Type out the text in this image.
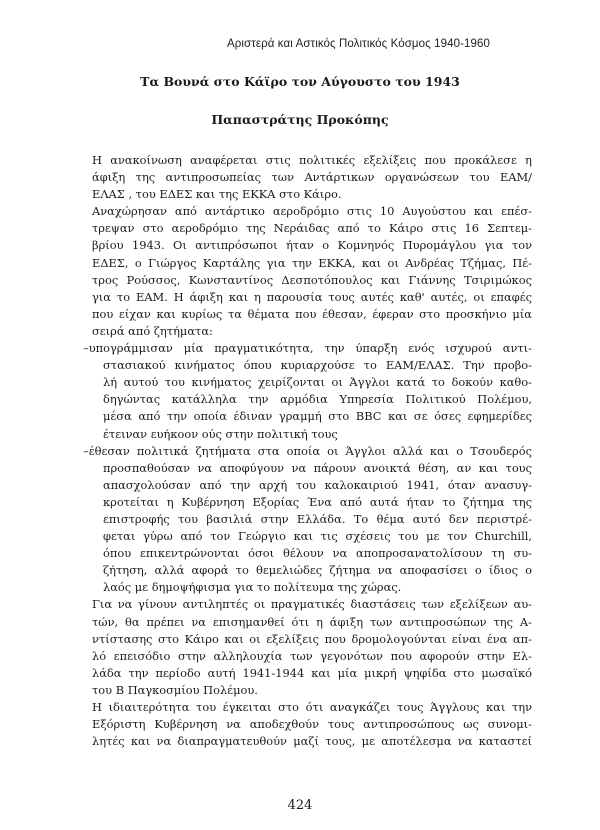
Αριστερά και Αστικός Πολιτικός Κόσμος 1940-1960
Τα Βουνά στο Κάϊρο τον Αύγουστο του 1943
Παπαστράτης Προκόπης
Η ανακοίνωση αναφέρεται στις πολιτικές εξελίξεις που προκάλεσε η
άφιξη της αντιπροσωπείας των Αντάρτικων οργανώσεων του ΕΑΜ/
ΕΛΑΣ , του ΕΔΕΣ και της ΕΚΚΑ στο Κάιρο.
Αναχώρησαν από αντάρτικο αεροδρόμιο στις 10 Αυγούστου και επέσ-
τρεψαν στο αεροδρόμιο της Νεράιδας από το Κάιρο στις 16 Σεπτεμ-
βρίου 1943. Οι αντιπρόσωποι ήταν ο Κομνηνός Πυρομάγλου για τον
ΕΔΕΣ, ο Γιώργος Καρτάλης για την ΕΚΚΑ, και οι Ανδρέας Τζήμας, Πέ-
τρος Ρούσσος, Κωνσταντίνος Δεσποτόπουλος και Γιάννης Τσιριμώκος
για το ΕΑΜ. Η άφιξη και η παρουσία τους αυτές καθ' αυτές, οι επαφές
που είχαν και κυρίως τα θέματα που έθεσαν, έφεραν στο προσκήνιο μία
σειρά από ζητήματα:
–υπογράμμισαν μία πραγματικότητα, την ύπαρξη ενός ισχυρού αντι-
στασιακού κινήματος όπου κυριαρχούσε το ΕΑΜ/ΕΛΑΣ. Την προβο-
λή αυτού του κινήματος χειρίζονται οι Άγγλοι κατά το δοκούν καθο-
δηγώντας κατάλληλα την αρμόδια Υπηρεσία Πολιτικού Πολέμου,
μέσα από την οποία έδιναν γραμμή στο BBC και σε όσες εφημερίδες
έτειναν ευήκοον ούς στην πολιτική τους
–έθεσαν πολιτικά ζητήματα στα οποία οι Άγγλοι αλλά και ο Τσουδερός
προσπαθούσαν να αποφύγουν να πάρουν ανοικτά θέση, αν και τους
απασχολούσαν από την αρχή του καλοκαιριού 1941, όταν ανασυγ-
κροτείται η Κυβέρνηση Εξορίας Ένα από αυτά ήταν το ζήτημα της
επιστροφής του βασιλιά στην Ελλάδα. Το θέμα αυτό δεν περιστρέ-
φεται γύρω από τον Γεώργιο και τις σχέσεις του με τον Churchill,
όπου επικεντρώνονται όσοι θέλουν να αποπροσανατολίσουν τη συ-
ζήτηση, αλλά αφορά το θεμελιώδες ζήτημα να αποφασίσει ο ίδιος ο
λαός με δημοψήφισμα για το πολίτευμα της χώρας.
Για να γίνουν αντιληπτές οι πραγματικές διαστάσεις των εξελίξεων αυ-
τών, θα πρέπει να επισημανθεί ότι η άφιξη των αντιπροσώπων της Α-
ντίστασης στο Κάιρο και οι εξελίξεις που δρομολογούνται είναι ένα απ-
λό επεισόδιο στην αλληλουχία των γεγονότων που αφορούν στην Ελ-
λάδα την περίοδο αυτή 1941-1944 και μία μικρή ψηφίδα στο μωσαϊκό
του Β Παγκοσμίου Πολέμου.
Η ιδιαιτερότητα του έγκειται στο ότι αναγκάζει τους Άγγλους και την
Εξόριστη Κυβέρνηση να αποδεχθούν τους αντιπροσώπους ως συνομι-
λητές και να διαπραγματευθούν μαζί τους, με αποτέλεσμα να καταστεί
424
